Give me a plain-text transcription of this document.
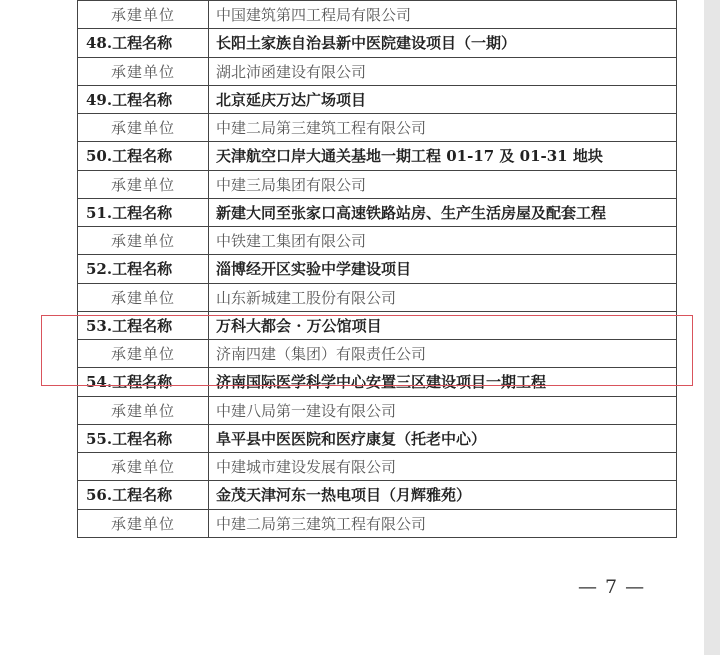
承建单位	中国建筑第四工程局有限公司
48.工程名称	长阳土家族自治县新中医院建设项目（一期）
承建单位	湖北沛函建设有限公司
49.工程名称	北京延庆万达广场项目
承建单位	中建二局第三建筑工程有限公司
50.工程名称	天津航空口岸大通关基地一期工程 01-17 及 01-31 地块
承建单位	中建三局集团有限公司
51.工程名称	新建大同至张家口高速铁路站房、生产生活房屋及配套工程
承建单位	中铁建工集团有限公司
52.工程名称	淄博经开区实验中学建设项目
承建单位	山东新城建工股份有限公司
53.工程名称	万科大都会 · 万公馆项目
承建单位	济南四建（集团）有限责任公司
54.工程名称	济南国际医学科学中心安置三区建设项目一期工程
承建单位	中建八局第一建设有限公司
55.工程名称	阜平县中医医院和医疗康复（托老中心）
承建单位	中建城市建设发展有限公司
56.工程名称	金茂天津河东一热电项目（月辉雅苑）
承建单位	中建二局第三建筑工程有限公司
— 7 —
